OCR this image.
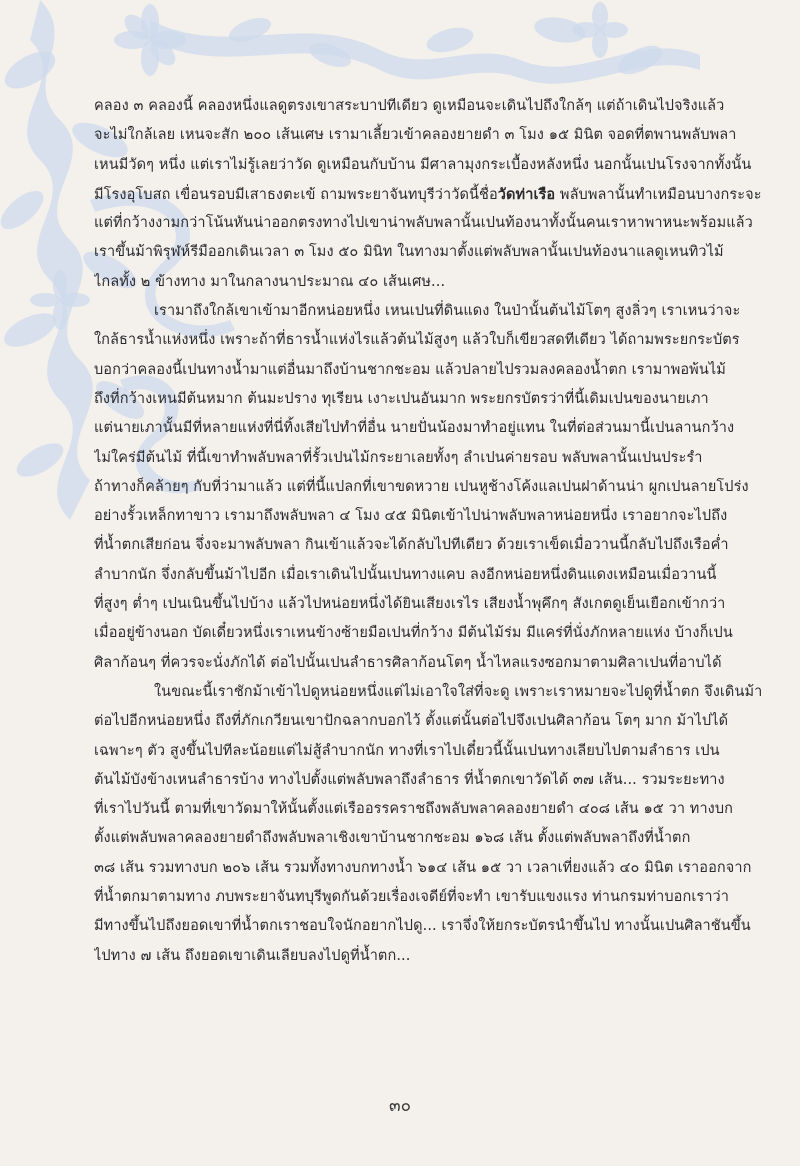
คลอง ๓ คลองนี้ คลองหนึ่งแลดูตรงเขาสระบาปทีเดียว ดูเหมือนจะเดินไปถึงใกล้ๆ แต่ถ้าเดินไปจริงแล้ว
จะไม่ใกล้เลย เหนจะสัก ๒๐๐ เส้นเศษ เรามาเลี้ยวเข้าคลองยายดำ ๓ โมง ๑๕ มินิต จอดที่ตพานพลับพลา
เหนมีวัดๆ หนึ่ง แต่เราไม่รู้เลยว่าวัด ดูเหมือนกับบ้าน มีศาลามุงกระเบื้องหลังหนึ่ง นอกนั้นเปนโรงจากทั้งนั้น
มีโรงอุโบสถ เขื่อนรอบมีเสาธงตะเข้ ถามพระยาจันทบุรีว่าวัดนี้ชื่อวัดท่าเรือ พลับพลานั้นทำเหมือนบางกระจะ
แต่ที่กว้างงามกว่าโน้นหันน่าออกตรงทางไปเขาน่าพลับพลานั้นเปนท้องนาทั้งนั้นคนเราหาพาหนะพร้อมแล้ว
เราขึ้นม้าพิรุฬห์รีมืออกเดินเวลา ๓ โมง ๕๐ มินิท ในทางมาตั้งแต่พลับพลานั้นเปนท้องนาแลดูเหนทิวไม้
ไกลทั้ง ๒ ข้างทาง มาในกลางนาประมาณ ๔๐ เส้นเศษ...
เรามาถึงใกล้เขาเข้ามาอีกหน่อยหนึ่ง เหนเปนที่ดินแดง ในป่านั้นต้นไม้โตๆ สูงลิ่วๆ เราเหนว่าจะ
ใกล้ธารน้ำแห่งหนึ่ง เพราะถ้าที่ธารน้ำแห่งไรแล้วต้นไม้สูงๆ แล้วใบก็เขียวสดทีเดียว ได้ถามพระยกระบัตร
บอกว่าคลองนี้เปนทางน้ำมาแต่อื่นมาถึงบ้านชากชะอม แล้วปลายไปรวมลงคลองน้ำตก เรามาพอพ้นไม้
ถึงที่กว้างเหนมีต้นหมาก ต้นมะปราง ทุเรียน เงาะเปนอันมาก พระยกรบัตรว่าที่นี้เดิมเปนของนายเภา
แต่นายเภานั้นมีที่หลายแห่งที่นี่ทิ้งเสียไปทำที่อื่น นายปั่นน้องมาทำอยู่แทน ในที่ต่อส่วนมานี้เปนลานกว้าง
ไม่ใคร่มีต้นไม้ ที่นี้เขาทำพลับพลาที่รั้วเปนไม้กระยาเลยทั้งๆ ลำเปนค่ายรอบ พลับพลานั้นเปนประรำ
ถ้าทางก็คล้ายๆ กับที่ว่ามาแล้ว แต่ที่นี้แปลกที่เขาขดหวาย เปนหูช้างโค้งแลเปนฝาด้านน่า ผูกเปนลายโปร่ง
อย่างรั้วเหล็กทาขาว เรามาถึงพลับพลา ๔ โมง ๔๕ มินิตเข้าไปน่าพลับพลาหน่อยหนึ่ง เราอยากจะไปถึง
ที่น้ำตกเสียก่อน จึ่งจะมาพลับพลา กินเข้าแล้วจะได้กลับไปทีเดียว ด้วยเราเข็ดเมื่อวานนี้กลับไปถึงเรือค่ำ
ลำบากนัก จึ่งกลับขึ้นม้าไปอีก เมื่อเราเดินไปนั้นเปนทางแคบ ลงอีกหน่อยหนึ่งดินแดงเหมือนเมื่อวานนี้
ที่สูงๆ ต่ำๆ เปนเนินขึ้นไปบ้าง แล้วไปหน่อยหนึ่งได้ยินเสียงเรไร เสียงน้ำพุคึกๆ สังเกตดูเย็นเยือกเข้ากว่า
เมื่ออยู่ข้างนอก บัดเดี๋ยวหนึ่งเราเหนข้างซ้ายมือเปนที่กว้าง มีต้นไม้ร่ม มีแคร่ที่นั่งภักหลายแห่ง บ้างก็เปน
ศิลาก้อนๆ ที่ควรจะนั่งภักได้ ต่อไปนั้นเปนลำธารศิลาก้อนโตๆ น้ำไหลแรงซอกมาตามศิลาเปนที่อาบได้
ในขณะนี้เราชักม้าเข้าไปดูหน่อยหนึ่งแต่ไม่เอาใจใส่ที่จะดู เพราะเราหมายจะไปดูที่น้ำตก จึงเดินม้า
ต่อไปอีกหน่อยหนึ่ง ถึงที่ภักเกวียนเขาปักฉลากบอกไว้ ตั้งแต่นั้นต่อไปจึงเปนศิลาก้อน โตๆ มาก ม้าไปได้
เฉพาะๆ ตัว สูงขึ้นไปทีละน้อยแต่ไม่สู้ลำบากนัก ทางที่เราไปเดี๋ยวนี้นั้นเปนทางเลียบไปตามลำธาร เปน
ต้นไม้บังข้างเหนลำธารบ้าง ทางไปตั้งแต่พลับพลาถึงลำธาร ที่น้ำตกเขาวัดได้ ๓๗ เส้น... รวมระยะทาง
ที่เราไปวันนี้ ตามที่เขาวัดมาให้นั้นตั้งแต่เรืออรรคราชถึงพลับพลาคลองยายดำ ๔๐๘ เส้น ๑๕ วา ทางบก
ตั้งแต่พลับพลาคลองยายดำถึงพลับพลาเชิงเขาบ้านชากชะอม ๑๖๘ เส้น ตั้งแต่พลับพลาถึงที่น้ำตก
๓๘ เส้น รวมทางบก ๒๐๖ เส้น รวมทั้งทางบกทางน้ำ ๖๑๔ เส้น ๑๕ วา เวลาเที่ยงแล้ว ๔๐ มินิต เราออกจาก
ที่น้ำตกมาตามทาง ภบพระยาจันทบุรีพูดกันด้วยเรื่องเจดีย์ที่จะทำ เขารับแขงแรง ท่านกรมท่าบอกเราว่า
มีทางขึ้นไปถึงยอดเขาที่น้ำตกเราชอบใจนักอยากไปดู... เราจึ่งให้ยกระบัตรนำขึ้นไป ทางนั้นเปนศิลาชันขึ้น
ไปทาง ๗ เส้น ถึงยอดเขาเดินเลียบลงไปดูที่น้ำตก...
๓๐
